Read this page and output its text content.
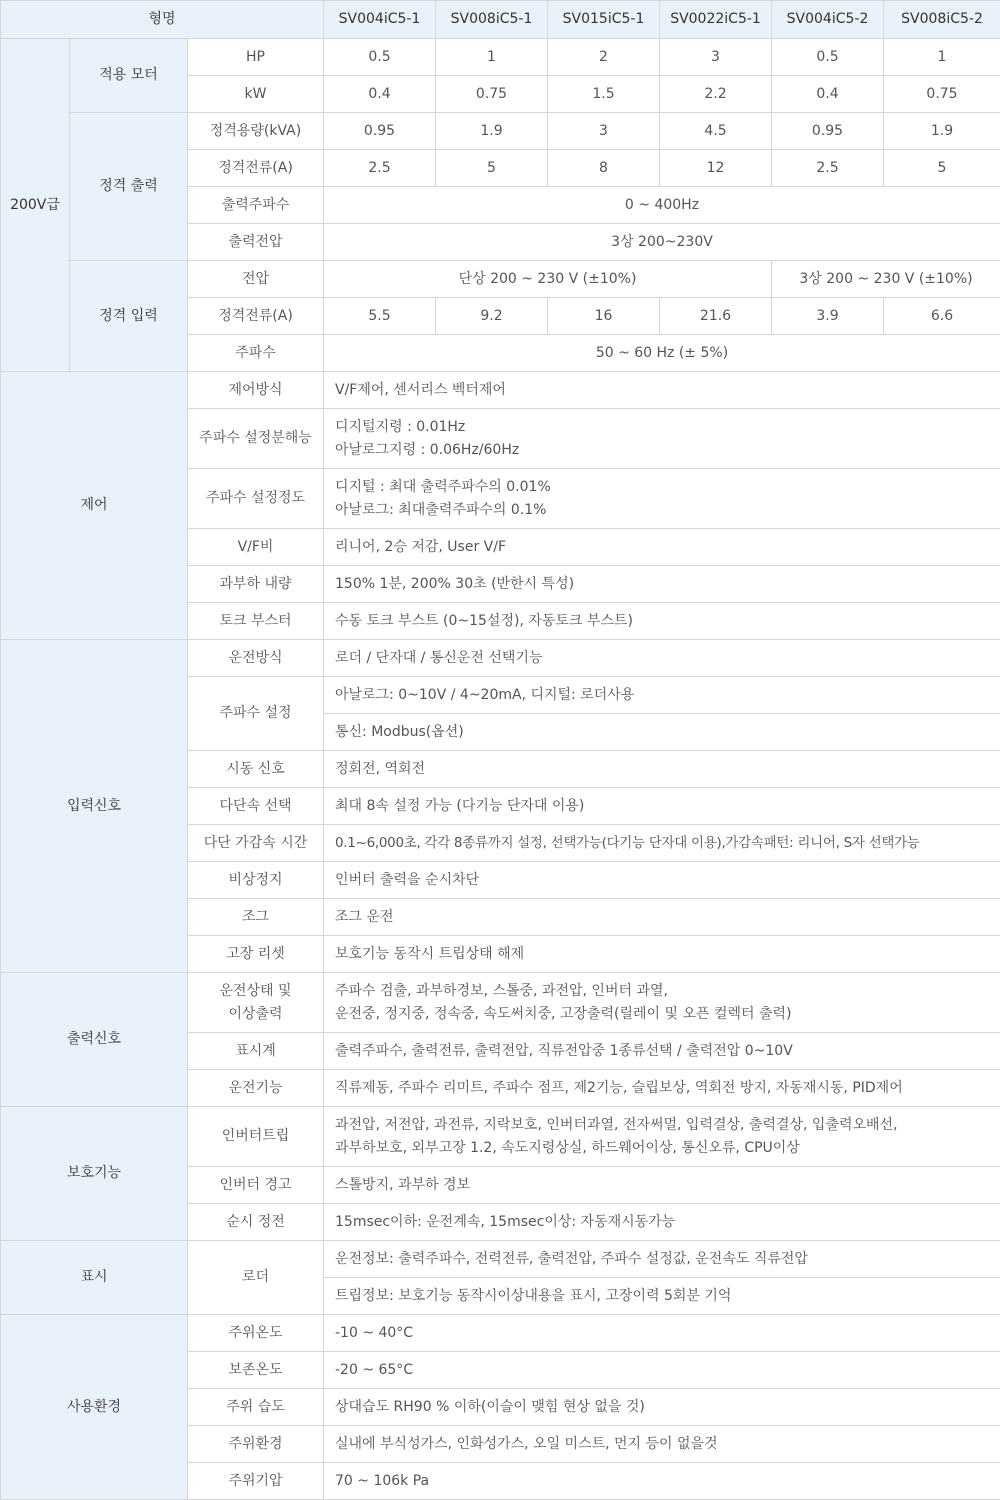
형명			SV004iC5-1	SV008iC5-1	SV015iC5-1	SV0022iC5-1	SV004iC5-2	SV008iC5-2
200V급	적용 모터	HP	0.5	1	2	3	0.5	1
		kW	0.4	0.75	1.5	2.2	0.4	0.75
	정격 출력	정격용량(kVA)	0.95	1.9	3	4.5	0.95	1.9
		정격전류(A)	2.5	5	8	12	2.5	5
		출력주파수	0 ~ 400Hz					
		출력전압	3상 200~230V					
	정격 입력	전압	단상 200 ~ 230 V (±10%)				3상 200 ~ 230 V (±10%)	
		정격전류(A)	5.5	9.2	16	21.6	3.9	6.6
		주파수	50 ~ 60 Hz (± 5%)					
제어		제어방식	V/F제어, 센서리스 벡터제어					

		주파수 설정분해능	디지털지령 : 0.01Hz
아날로그지령 : 0.06Hz/60Hz					

		주파수 설정정도	디지털 : 최대 출력주파수의 0.01%
아날로그: 최대출력주파수의 0.1%					

		V/F비	리니어, 2승 저감, User V/F					

		과부하 내량	150% 1분, 200% 30초 (반한시 특성)					

		토크 부스터	수동 토크 부스트 (0~15설정), 자동토크 부스트)					

입력신호		운전방식	로더 / 단자대 / 통신운전 선택기능					
		주파수 설정	아날로그: 0~10V / 4~20mA, 디지털: 로더사용					
			통신: Modbus(옵션)					
		시동 신호	정회전, 역회전					
		다단속 선택	최대 8속 설정 가능 (다기능 단자대 이용)					
		다단 가감속 시간	0.1~6,000초, 각각 8종류까지 설정, 선택가능(다기능 단자대 이용),가감속패턴: 리니어, S자 선택가능					
		비상정지	인버터 출력을 순시차단					
		조그	조그 운전					
		고장 리셋	보호기능 동작시 트립상태 해제					
출력신호		운전상태 및
이상출력	주파수 검출, 과부하경보, 스톨중, 과전압, 인버터 과열,
운전중, 정지중, 정속중, 속도써치중, 고장출력(릴레이 및 오픈 컬렉터 출력)					

		표시계	출력주파수, 출력전류, 출력전압, 직류전압중 1종류선택 / 출력전압 0~10V					

		운전기능	직류제동, 주파수 리미트, 주파수 점프, 제2기능, 슬립보상, 역회전 방지, 자동재시동, PID제어					

보호기능		인버터트립	과전압, 저전압, 과전류, 지락보호, 인버터과열, 전자써멀, 입력결상, 출력결상, 입출력오배선,
과부하보호, 외부고장 1.2, 속도지령상실, 하드웨어이상, 통신오류, CPU이상					

		인버터 경고	스톨방지, 과부하 경보					

		순시 정전	15msec이하: 운전계속, 15msec이상: 자동재시동가능					

표시		로더	운전정보: 출력주파수, 전력전류, 출력전압, 주파수 설정값, 운전속도 직류전압					
			트립정보: 보호기능 동작시이상내용을 표시, 고장이력 5회분 기억					
사용환경		주위온도	-10 ~ 40°C					
		보존온도	-20 ~ 65°C					
		주위 습도	상대습도 RH90 % 이하(이슬이 맺힘 현상 없을 것)					
		주위환경	실내에 부식성가스, 인화성가스, 오일 미스트, 먼지 등이 없을것					
		주위기압	70 ~ 106k Pa					
